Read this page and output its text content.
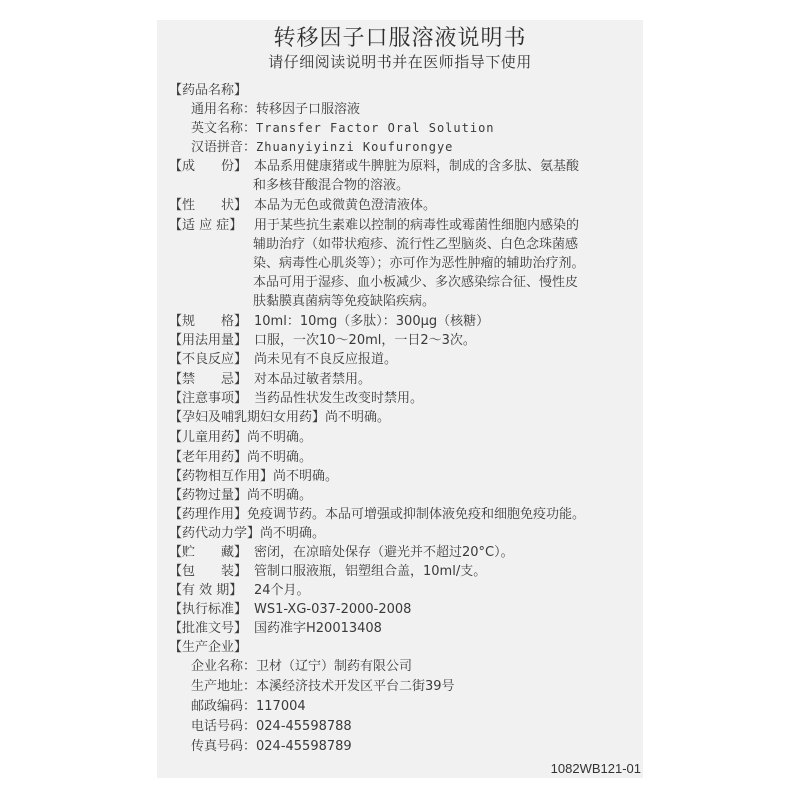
转移因子口服溶液说明书
请仔细阅读说明书并在医师指导下使用
【药品名称】
通用名称：转移因子口服溶液
英文名称：Transfer Factor Oral Solution
汉语拼音：Zhuanyiyinzi Koufurongye
和多核苷酸混合物的溶液。
【成　　份】 本品系用健康猪或牛脾脏为原料，制成的含多肽、氨基酸
【性　　状】 本品为无色或微黄色澄清液体。
辅助治疗（如带状疱疹、流行性乙型脑炎、白色念珠菌感
染、病毒性心肌炎等）；亦可作为恶性肿瘤的辅助治疗剂。
本品可用于湿疹、血小板减少、多次感染综合征、慢性皮
肤黏膜真菌病等免疫缺陷疾病。
【适 应 症】 用于某些抗生素难以控制的病毒性或霉菌性细胞内感染的
【规　　格】 10ml：10mg（多肽）：300μg（核糖）
【用法用量】 口服，一次10～20ml，一日2～3次。
【不良反应】 尚未见有不良反应报道。
【禁　　忌】 对本品过敏者禁用。
【注意事项】 当药品性状发生改变时禁用。
【孕妇及哺乳期妇女用药】尚不明确。
【儿童用药】尚不明确。
【老年用药】尚不明确。
【药物相互作用】尚不明确。
【药物过量】尚不明确。
【药理作用】免疫调节药。本品可增强或抑制体液免疫和细胞免疫功能。
【药代动力学】尚不明确。
【贮　　藏】 密闭，在凉暗处保存（避光并不超过20°C）。
【包　　装】 管制口服液瓶，铝塑组合盖，10ml/支。
【有 效 期】 24个月。
【执行标准】 WS1-XG-037-2000-2008
【批准文号】 国药准字H20013408
【生产企业】
企业名称：卫材（辽宁）制药有限公司
生产地址：本溪经济技术开发区平台二街39号
邮政编码：117004
电话号码：024-45598788
传真号码：024-45598789
1082WB121-01
